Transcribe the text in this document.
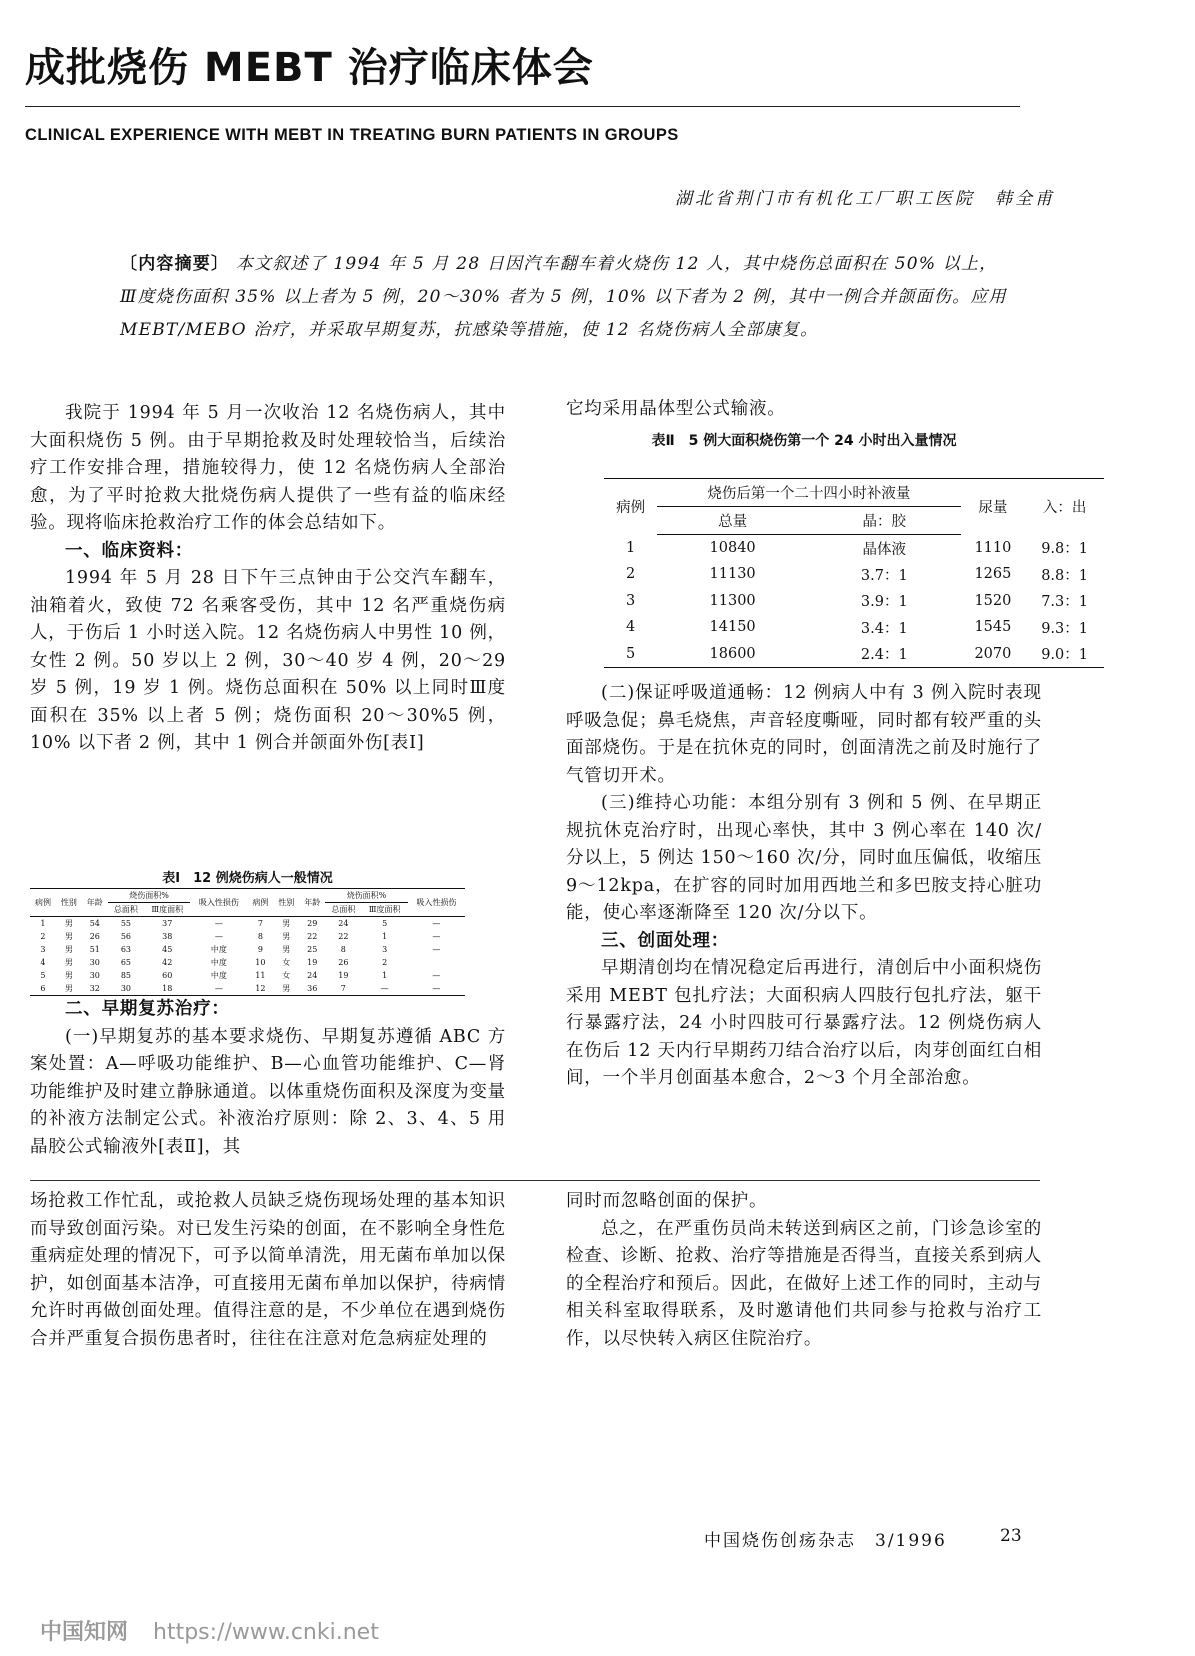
成批烧伤 MEBT 治疗临床体会
CLINICAL EXPERIENCE WITH MEBT IN TREATING BURN PATIENTS IN GROUPS
湖北省荆门市有机化工厂职工医院　韩全甫
〔内容摘要〕 本文叙述了 1994 年 5 月 28 日因汽车翻车着火烧伤 12 人，其中烧伤总面积在 50% 以上，Ⅲ度烧伤面积 35% 以上者为 5 例，20～30% 者为 5 例，10% 以下者为 2 例，其中一例合并颌面伤。应用 MEBT/MEBO 治疗，并采取早期复苏，抗感染等措施，使 12 名烧伤病人全部康复。

我院于 1994 年 5 月一次收治 12 名烧伤病人，其中大面积烧伤 5 例。由于早期抢救及时处理较恰当，后续治疗工作安排合理，措施较得力，使 12 名烧伤病人全部治愈，为了平时抢救大批烧伤病人提供了一些有益的临床经验。现将临床抢救治疗工作的体会总结如下。

一、临床资料：

1994 年 5 月 28 日下午三点钟由于公交汽车翻车，油箱着火，致使 72 名乘客受伤，其中 12 名严重烧伤病人，于伤后 1 小时送入院。12 名烧伤病人中男性 10 例，女性 2 例。50 岁以上 2 例，30～40 岁 4 例，20～29 岁 5 例，19 岁 1 例。烧伤总面积在 50% 以上同时Ⅲ度面积在 35% 以上者 5 例；烧伤面积 20～30%5 例，10% 以下者 2 例，其中 1 例合并颌面外伤[表Ⅰ]

表Ⅰ　12 例烧伤病人一般情况
病例	性别	年龄	烧伤面积%		吸入性损伤	病例	性别	年龄	烧伤面积%		吸入性损伤
			总面积	Ⅲ度面积					总面积	Ⅲ度面积	
1	男	54	55	37	—	7	男	29	24	5	—
2	男	26	56	38	—	8	男	22	22	1	—
3	男	51	63	45	中度	9	男	25	8	3	—
4	男	30	65	42	中度	10	女	19	26	2	
5	男	30	85	60	中度	11	女	24	19	1	—
6	男	32	30	18	—	12	男	36	7	—	—
二、早期复苏治疗：

(一)早期复苏的基本要求烧伤、早期复苏遵循 ABC 方案处置：A—呼吸功能维护、B—心血管功能维护、C—肾功能维护及时建立静脉通道。以体重烧伤面积及深度为变量的补液方法制定公式。补液治疗原则：除 2、3、4、5 用晶胶公式输液外[表Ⅱ]，其

它均采用晶体型公式输液。

表Ⅱ　5 例大面积烧伤第一个 24 小时出入量情况
病例	烧伤后第一个二十四小时补液量		尿量	入：出
	总量	晶：胶		
1	10840	晶体液	1110	9.8：1
2	11130	3.7：1	1265	8.8：1
3	11300	3.9：1	1520	7.3：1
4	14150	3.4：1	1545	9.3：1
5	18600	2.4：1	2070	9.0：1

(二)保证呼吸道通畅：12 例病人中有 3 例入院时表现呼吸急促；鼻毛烧焦，声音轻度嘶哑，同时都有较严重的头面部烧伤。于是在抗休克的同时，创面清洗之前及时施行了气管切开术。

(三)维持心功能：本组分别有 3 例和 5 例、在早期正规抗休克治疗时，出现心率快，其中 3 例心率在 140 次/分以上，5 例达 150～160 次/分，同时血压偏低，收缩压 9～12kpa，在扩容的同时加用西地兰和多巴胺支持心脏功能，使心率逐渐降至 120 次/分以下。

三、创面处理：

早期清创均在情况稳定后再进行，清创后中小面积烧伤采用 MEBT 包扎疗法；大面积病人四肢行包扎疗法，躯干行暴露疗法，24 小时四肢可行暴露疗法。12 例烧伤病人在伤后 12 天内行早期药刀结合治疗以后，肉芽创面红白相间，一个半月创面基本愈合，2～3 个月全部治愈。

场抢救工作忙乱，或抢救人员缺乏烧伤现场处理的基本知识而导致创面污染。对已发生污染的创面，在不影响全身性危重病症处理的情况下，可予以简单清洗，用无菌布单加以保护，如创面基本洁净，可直接用无菌布单加以保护，待病情允许时再做创面处理。值得注意的是，不少单位在遇到烧伤合并严重复合损伤患者时，往往在注意对危急病症处理的

同时而忽略创面的保护。

总之，在严重伤员尚未转送到病区之前，门诊急诊室的检查、诊断、抢救、治疗等措施是否得当，直接关系到病人的全程治疗和预后。因此，在做好上述工作的同时，主动与相关科室取得联系，及时邀请他们共同参与抢救与治疗工作，以尽快转入病区住院治疗。

中国烧伤创疡杂志　3/1996	23
中国知网 https://www.cnki.net
